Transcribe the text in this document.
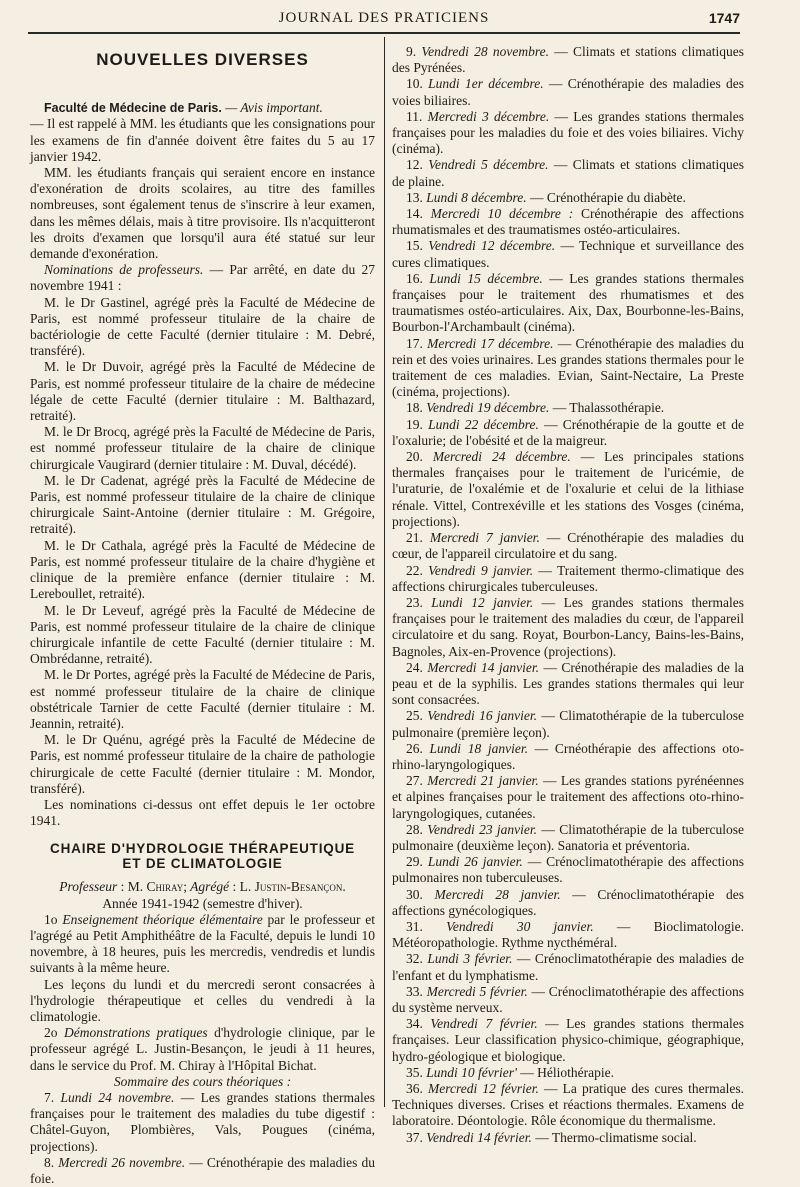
JOURNAL DES PRATICIENS	1747
NOUVELLES DIVERSES

Faculté de Médecine de Paris. — Avis important.

— Il est rappelé à MM. les étudiants que les consignations pour les examens de fin d'année doivent être faites du 5 au 17 janvier 1942.

MM. les étudiants français qui seraient encore en instance d'exonération de droits scolaires, au titre des familles nombreuses, sont également tenus de s'inscrire à leur examen, dans les mêmes délais, mais à titre provisoire. Ils n'acquitteront les droits d'examen que lorsqu'il aura été statué sur leur demande d'exonération.

Nominations de professeurs. — Par arrêté, en date du 27 novembre 1941 :

M. le Dr Gastinel, agrégé près la Faculté de Médecine de Paris, est nommé professeur titulaire de la chaire de bactériologie de cette Faculté (dernier titulaire : M. Debré, transféré).

M. le Dr Duvoir, agrégé près la Faculté de Médecine de Paris, est nommé professeur titulaire de la chaire de médecine légale de cette Faculté (dernier titulaire : M. Balthazard, retraité).

M. le Dr Brocq, agrégé près la Faculté de Médecine de Paris, est nommé professeur titulaire de la chaire de clinique chirurgicale Vaugirard (dernier titulaire : M. Duval, décédé).

M. le Dr Cadenat, agrégé près la Faculté de Médecine de Paris, est nommé professeur titulaire de la chaire de clinique chirurgicale Saint-Antoine (dernier titulaire : M. Grégoire, retraité).

M. le Dr Cathala, agrégé près la Faculté de Médecine de Paris, est nommé professeur titulaire de la chaire d'hygiène et clinique de la première enfance (dernier titulaire : M. Lereboullet, retraité).

M. le Dr Leveuf, agrégé près la Faculté de Médecine de Paris, est nommé professeur titulaire de la chaire de clinique chirurgicale infantile de cette Faculté (dernier titulaire : M. Ombrédanne, retraité).

M. le Dr Portes, agrégé près la Faculté de Médecine de Paris, est nommé professeur titulaire de la chaire de clinique obstétricale Tarnier de cette Faculté (dernier titulaire : M. Jeannin, retraité).

M. le Dr Quénu, agrégé près la Faculté de Médecine de Paris, est nommé professeur titulaire de la chaire de pathologie chirurgicale de cette Faculté (dernier titulaire : M. Mondor, transféré).

Les nominations ci-dessus ont effet depuis le 1er octobre 1941.

CHAIRE D'HYDROLOGIE THÉRAPEUTIQUE
ET DE CLIMATOLOGIE

Professeur : M. Chiray; Agrégé : L. Justin-Besançon.

Année 1941-1942 (semestre d'hiver).

1o Enseignement théorique élémentaire par le professeur et l'agrégé au Petit Amphithéâtre de la Faculté, depuis le lundi 10 novembre, à 18 heures, puis les mercredis, vendredis et lundis suivants à la même heure.

Les leçons du lundi et du mercredi seront consacrées à l'hydrologie thérapeutique et celles du vendredi à la climatologie.

2o Démonstrations pratiques d'hydrologie clinique, par le professeur agrégé L. Justin-Besançon, le jeudi à 11 heures, dans le service du Prof. M. Chiray à l'Hôpital Bichat.

Sommaire des cours théoriques :

7. Lundi 24 novembre. — Les grandes stations thermales françaises pour le traitement des maladies du tube digestif : Châtel-Guyon, Plombières, Vals, Pougues (cinéma, projections).

8. Mercredi 26 novembre. — Crénothérapie des maladies du foie.

9. Vendredi 28 novembre. — Climats et stations climatiques des Pyrénées.

10. Lundi 1er décembre. — Crénothérapie des maladies des voies biliaires.

11. Mercredi 3 décembre. — Les grandes stations thermales françaises pour les maladies du foie et des voies biliaires. Vichy (cinéma).

12. Vendredi 5 décembre. — Climats et stations climatiques de plaine.

13. Lundi 8 décembre. — Crénothérapie du diabète.

14. Mercredi 10 décembre : Crénothérapie des affections rhumatismales et des traumatismes ostéo-articulaires.

15. Vendredi 12 décembre. — Technique et surveillance des cures climatiques.

16. Lundi 15 décembre. — Les grandes stations thermales françaises pour le traitement des rhumatismes et des traumatismes ostéo-articulaires. Aix, Dax, Bourbonne-les-Bains, Bourbon-l'Archambault (cinéma).

17. Mercredi 17 décembre. — Crénothérapie des maladies du rein et des voies urinaires. Les grandes stations thermales pour le traitement de ces maladies. Evian, Saint-Nectaire, La Preste (cinéma, projections).

18. Vendredi 19 décembre. — Thalassothérapie.

19. Lundi 22 décembre. — Crénothérapie de la goutte et de l'oxalurie; de l'obésité et de la maigreur.

20. Mercredi 24 décembre. — Les principales stations thermales françaises pour le traitement de l'uricémie, de l'uraturie, de l'oxalémie et de l'oxalurie et celui de la lithiase rénale. Vittel, Contrexéville et les stations des Vosges (cinéma, projections).

21. Mercredi 7 janvier. — Crénothérapie des maladies du cœur, de l'appareil circulatoire et du sang.

22. Vendredi 9 janvier. — Traitement thermo-climatique des affections chirurgicales tuberculeuses.

23. Lundi 12 janvier. — Les grandes stations thermales françaises pour le traitement des maladies du cœur, de l'appareil circulatoire et du sang. Royat, Bourbon-Lancy, Bains-les-Bains, Bagnoles, Aix-en-Provence (projections).

24. Mercredi 14 janvier. — Crénothérapie des maladies de la peau et de la syphilis. Les grandes stations thermales qui leur sont consacrées.

25. Vendredi 16 janvier. — Climatothérapie de la tuberculose pulmonaire (première leçon).

26. Lundi 18 janvier. — Crnéothérapie des affections oto-rhino-laryngologiques.

27. Mercredi 21 janvier. — Les grandes stations pyrénéennes et alpines françaises pour le traitement des affections oto-rhino-laryngologiques, cutanées.

28. Vendredi 23 janvier. — Climatothérapie de la tuberculose pulmonaire (deuxième leçon). Sanatoria et préventoria.

29. Lundi 26 janvier. — Crénoclimatothérapie des affections pulmonaires non tuberculeuses.

30. Mercredi 28 janvier. — Crénoclimatothérapie des affections gynécologiques.

31. Vendredi 30 janvier. — Bioclimatologie. Météoropathologie. Rythme nycthéméral.

32. Lundi 3 février. — Crénoclimatothérapie des maladies de l'enfant et du lymphatisme.

33. Mercredi 5 février. — Crénoclimatothérapie des affections du système nerveux.

34. Vendredi 7 février. — Les grandes stations thermales françaises. Leur classification physico-chimique, géographique, hydro-géologique et biologique.

35. Lundi 10 février' — Héliothérapie.

36. Mercredi 12 février. — La pratique des cures thermales. Techniques diverses. Crises et réactions thermales. Examens de laboratoire. Déontologie. Rôle économique du thermalisme.

37. Vendredi 14 février. — Thermo-climatisme social.
